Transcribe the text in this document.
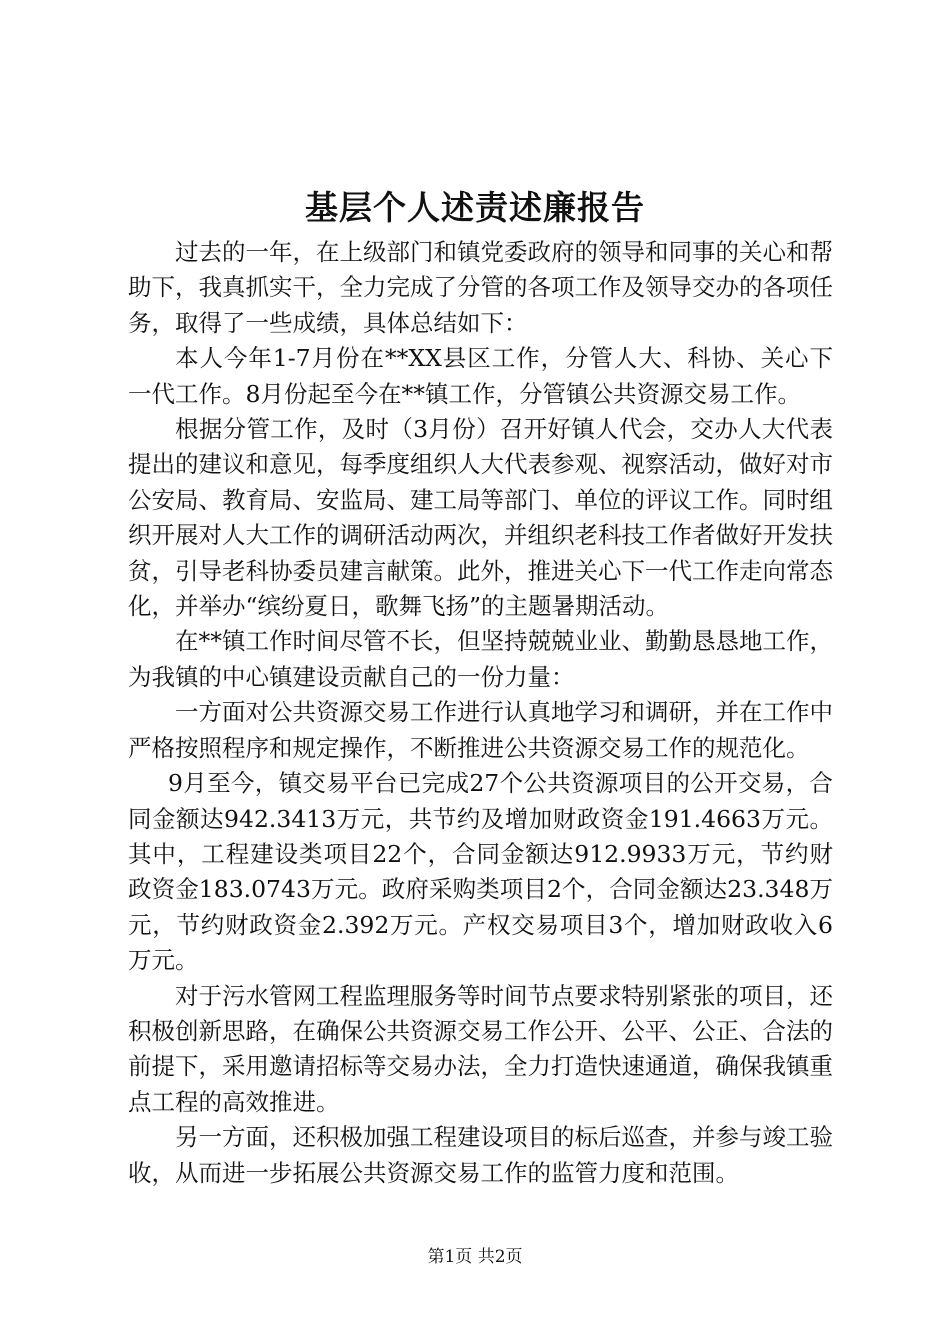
基层个人述责述廉报告

过去的一年，在上级部门和镇党委政府的领导和同事的关心和帮助下，我真抓实干，全力完成了分管的各项工作及领导交办的各项任务，取得了一些成绩，具体总结如下：

本人今年1-7月份在**XX县区工作，分管人大、科协、关心下一代工作。8月份起至今在**镇工作，分管镇公共资源交易工作。

根据分管工作，及时（3月份）召开好镇人代会，交办人大代表提出的建议和意见，每季度组织人大代表参观、视察活动，做好对市公安局、教育局、安监局、建工局等部门、单位的评议工作。同时组织开展对人大工作的调研活动两次，并组织老科技工作者做好开发扶贫，引导老科协委员建言献策。此外，推进关心下一代工作走向常态化，并举办“缤纷夏日，歌舞飞扬”的主题暑期活动。

在**镇工作时间尽管不长，但坚持兢兢业业、勤勤恳恳地工作，为我镇的中心镇建设贡献自己的一份力量：

一方面对公共资源交易工作进行认真地学习和调研，并在工作中严格按照程序和规定操作，不断推进公共资源交易工作的规范化。

9月至今，镇交易平台已完成27个公共资源项目的公开交易，合同金额达942.3413万元，共节约及增加财政资金191.4663万元。其中，工程建设类项目22个，合同金额达912.9933万元，节约财政资金183.0743万元。政府采购类项目2个，合同金额达23.348万元，节约财政资金2.392万元。产权交易项目3个，增加财政收入6万元。

对于污水管网工程监理服务等时间节点要求特别紧张的项目，还积极创新思路，在确保公共资源交易工作公开、公平、公正、合法的前提下，采用邀请招标等交易办法，全力打造快速通道，确保我镇重点工程的高效推进。

另一方面，还积极加强工程建设项目的标后巡查，并参与竣工验收，从而进一步拓展公共资源交易工作的监管力度和范围。

第1页 共2页
